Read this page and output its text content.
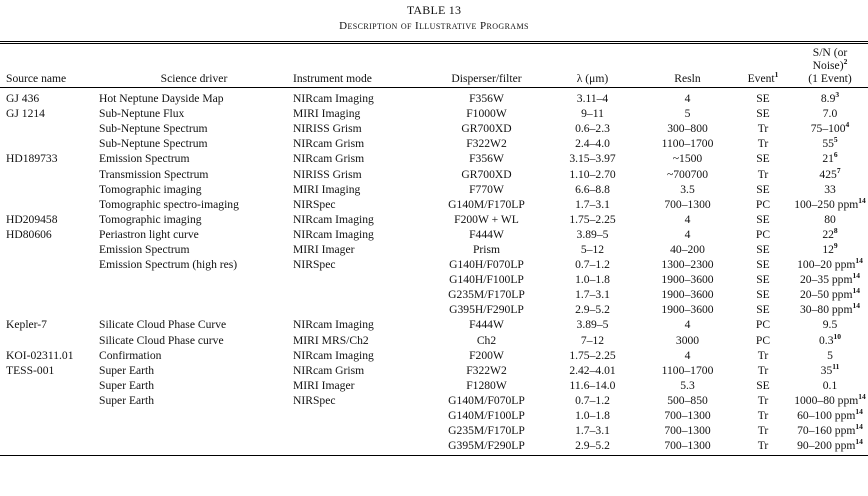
TABLE 13
Description of Illustrative Programs
Source name	Science driver	Instrument mode	Disperser/filter	λ (μm)	Resln	Event$^1$	S/N (or Noise)$^2$
(1 Event)
GJ 436	Hot Neptune Dayside Map	NIRcam Imaging	F356W	3.11–4	4	SE	$8.9^3$
GJ 1214	Sub-Neptune Flux	MIRI Imaging	F1000W	9–11	5	SE	7.0
	Sub-Neptune Spectrum	NIRISS Grism	GR700XD	0.6–2.3	300–800	Tr	$75-100^4$
	Sub-Neptune Spectrum	NIRcam Grism	F322W2	2.4–4.0	1100–1700	Tr	$55^5$
HD189733	Emission Spectrum	NIRcam Grism	F356W	3.15–3.97	~1500	SE	$21^6$
	Transmission Spectrum	NIRISS Grism	GR700XD	1.10–2.70	~700700	Tr	$425^7$
	Tomographic imaging	MIRI Imaging	F770W	6.6–8.8	3.5	SE	33
	Tomographic spectro-imaging	NIRSpec	G140M/F170LP	1.7–3.1	700–1300	PC	100–250 ppm$^{14}$
HD209458	Tomographic imaging	NIRcam Imaging	F200W + WL	1.75–2.25	4	SE	80
HD80606	Periastron light curve	NIRcam Imaging	F444W	3.89–5	4	PC	$22^8$
	Emission Spectrum	MIRI Imager	Prism	5–12	40–200	SE	$12^9$
	Emission Spectrum (high res)	NIRSpec	G140H/F070LP	0.7–1.2	1300–2300	SE	100–20 ppm$^{14}$
			G140H/F100LP	1.0–1.8	1900–3600	SE	20–35 ppm$^{14}$
			G235M/F170LP	1.7–3.1	1900–3600	SE	20–50 ppm$^{14}$
			G395H/F290LP	2.9–5.2	1900–3600	SE	30–80 ppm$^{14}$
Kepler-7	Silicate Cloud Phase Curve	NIRcam Imaging	F444W	3.89–5	4	PC	9.5
	Silicate Cloud Phase curve	MIRI MRS/Ch2	Ch2	7–12	3000	PC	$0.3^{10}$
KOI-02311.01	Confirmation	NIRcam Imaging	F200W	1.75–2.25	4	Tr	5
TESS-001	Super Earth	NIRcam Grism	F322W2	2.42–4.01	1100–1700	Tr	$35^{11}$
	Super Earth	MIRI Imager	F1280W	11.6–14.0	5.3	SE	0.1
	Super Earth	NIRSpec	G140M/F070LP	0.7–1.2	500–850	Tr	1000–80 ppm$^{14}$
			G140M/F100LP	1.0–1.8	700–1300	Tr	60–100 ppm$^{14}$
			G235M/F170LP	1.7–3.1	700–1300	Tr	70–160 ppm$^{14}$
			G395M/F290LP	2.9–5.2	700–1300	Tr	90–200 ppm$^{14}$
